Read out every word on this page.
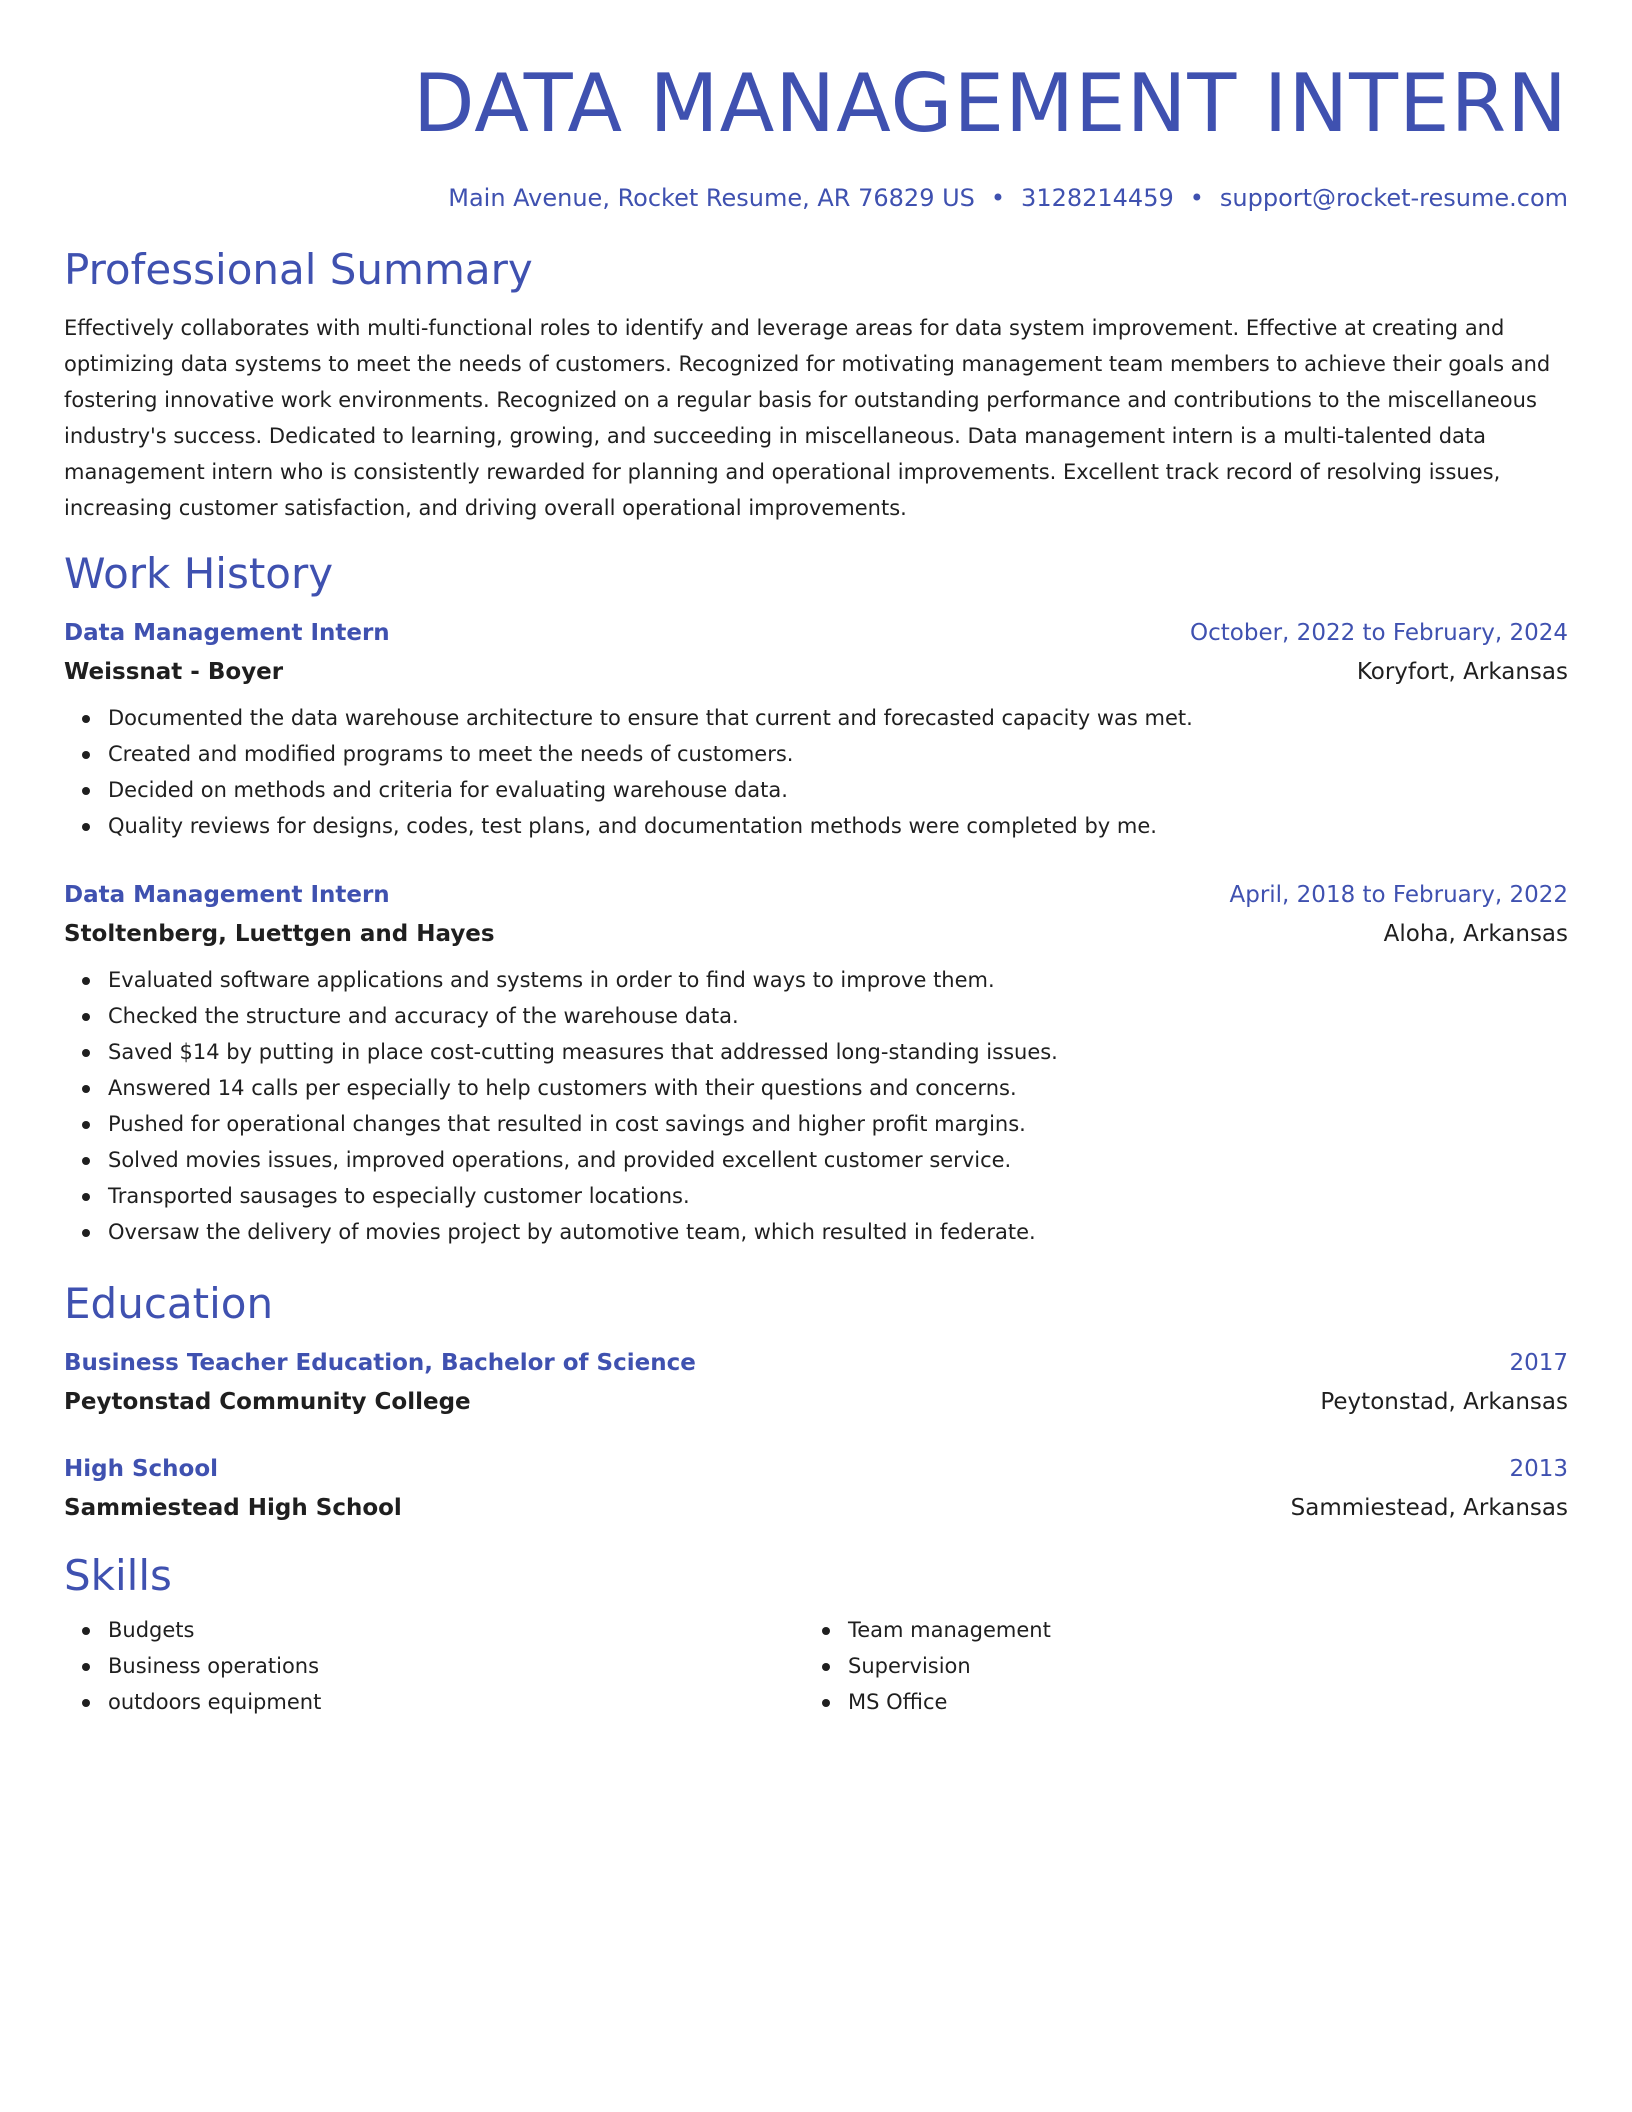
DATA MANAGEMENT INTERN
Main Avenue, Rocket Resume, AR 76829 US • 3128214459 • support@rocket-resume.com
Professional Summary

Effectively collaborates with multi-functional roles to identify and leverage areas for data system improvement. Effective at creating and optimizing data systems to meet the needs of customers. Recognized for motivating management team members to achieve their goals and fostering innovative work environments. Recognized on a regular basis for outstanding performance and contributions to the miscellaneous industry's success. Dedicated to learning, growing, and succeeding in miscellaneous. Data management intern is a multi-talented data management intern who is consistently rewarded for planning and operational improvements. Excellent track record of resolving issues, increasing customer satisfaction, and driving overall operational improvements.

Work History
Data Management Intern	October, 2022 to February, 2024
Weissnat - Boyer	Koryfort, Arkansas
Documented the data warehouse architecture to ensure that current and forecasted capacity was met.
Created and modified programs to meet the needs of customers.
Decided on methods and criteria for evaluating warehouse data.
Quality reviews for designs, codes, test plans, and documentation methods were completed by me.
Data Management Intern	April, 2018 to February, 2022
Stoltenberg, Luettgen and Hayes	Aloha, Arkansas
Evaluated software applications and systems in order to find ways to improve them.
Checked the structure and accuracy of the warehouse data.
Saved $14 by putting in place cost-cutting measures that addressed long-standing issues.
Answered 14 calls per especially to help customers with their questions and concerns.
Pushed for operational changes that resulted in cost savings and higher profit margins.
Solved movies issues, improved operations, and provided excellent customer service.
Transported sausages to especially customer locations.
Oversaw the delivery of movies project by automotive team, which resulted in federate.
Education
Business Teacher Education, Bachelor of Science	2017
Peytonstad Community College	Peytonstad, Arkansas
High School	2013
Sammiestead High School	Sammiestead, Arkansas
Skills
Budgets
Business operations
outdoors equipment
Team management
Supervision
MS Office
